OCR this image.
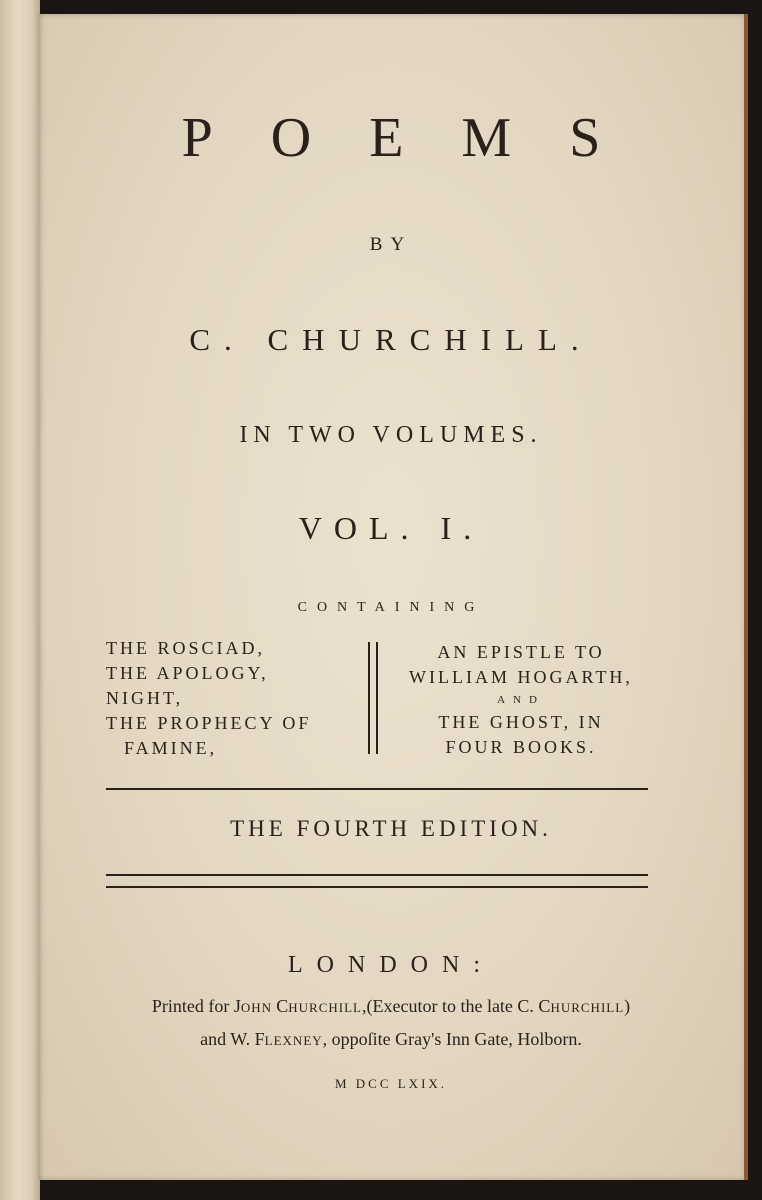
POEMS
BY
C. CHURCHILL.
IN TWO VOLUMES.
VOL. I.
CONTAINING
THE ROSCIAD,
THE APOLOGY,
NIGHT,
THE PROPHECY OF
FAMINE,
AN EPISTLE TO
WILLIAM HOGARTH,
AND
THE GHOST, IN
FOUR BOOKS.
THE FOURTH EDITION.
LONDON:
Printed for JOHN CHURCHILL,(Executor to the late C. CHURCHILL)
and W. FLEXNEY, oppoſite Gray's Inn Gate, Holborn.
M DCC LXIX.
